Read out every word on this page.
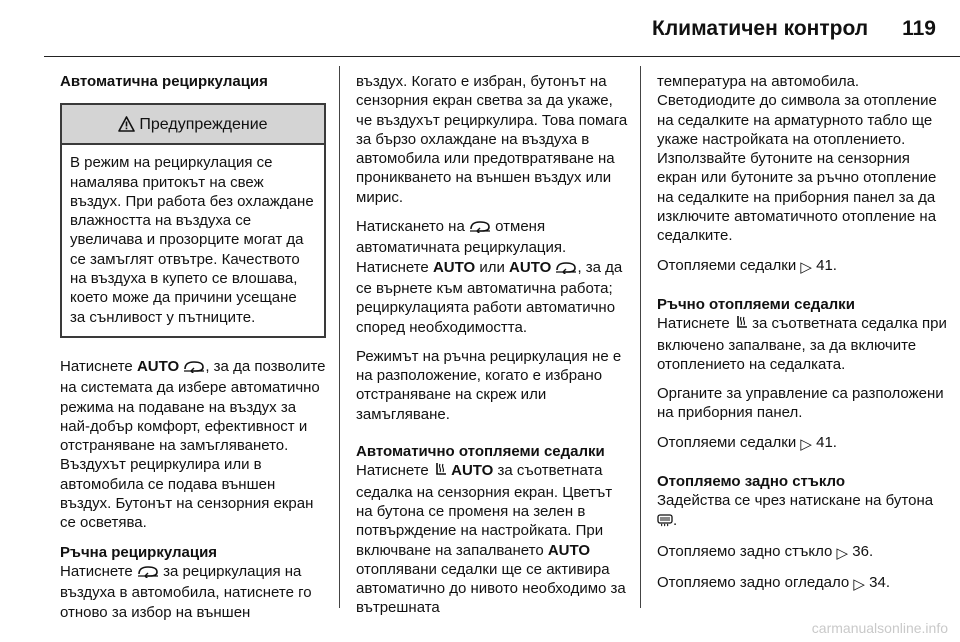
Климатичен контрол 119
Автоматична рециркулация
Предупреждение
В режим на рециркулация се намалява притокът на свеж въздух. При работа без охлаждане влажността на въздуха се увеличава и прозорците могат да се замъглят отвътре. Качеството на въздуха в купето се влошава, което може да причини усещане за сънливост у пътниците.

Натиснете AUTO , за да позволите на системата да избере автоматично режима на подаване на въздух за най-добър комфорт, ефективност и отстраняване на замъгляването. Въздухът рециркулира или в автомобила се подава външен въздух. Бутонът на сензорния екран се осветява.

Ръчна рециркулация

Натиснете  за рециркулация на въздуха в автомобила, натиснете го отново за избор на външен

въздух. Когато е избран, бутонът на сензорния екран светва за да укаже, че въздухът рециркулира. Това помага за бързо охлаждане на въздуха в автомобила или предотвратяване на проникването на външен въздух или мирис.

Натискането на  отменя автоматичната рециркулация. Натиснете AUTO или AUTO , за да се върнете към автоматична работа; рециркулацията работи автоматично според необходимостта.

Режимът на ръчна рециркулация не е на разположение, когато е избрано отстраняване на скреж или замъгляване.

Автоматично отопляеми седалки

Натиснете  AUTO за съответната седалка на сензорния екран. Цветът на бутона се променя на зелен в потвърждение на настройката. При включване на запалването AUTO отоплявани седалки ще се активира автоматично до нивото необходимо за вътрешната

температура на автомобила. Светодиодите до символа за отопление на седалките на арматурното табло ще укаже настройката на отоплението. Използвайте бутоните на сензорния екран или бутоните за ръчно отопление на седалките на приборния панел за да изключите автоматичното отопление на седалките.

Отопляеми седалки ▷ 41.

Ръчно отопляеми седалки

Натиснете  за съответната седалка при включено запалване, за да включите отоплението на седалката.

Органите за управление са разположени на приборния панел.

Отопляеми седалки ▷ 41.

Отопляемо задно стъкло

Задейства се чрез натискане на бутона .

Отопляемо задно стъкло ▷ 36.

Отопляемо задно огледало ▷ 34.

carmanualsonline.info
